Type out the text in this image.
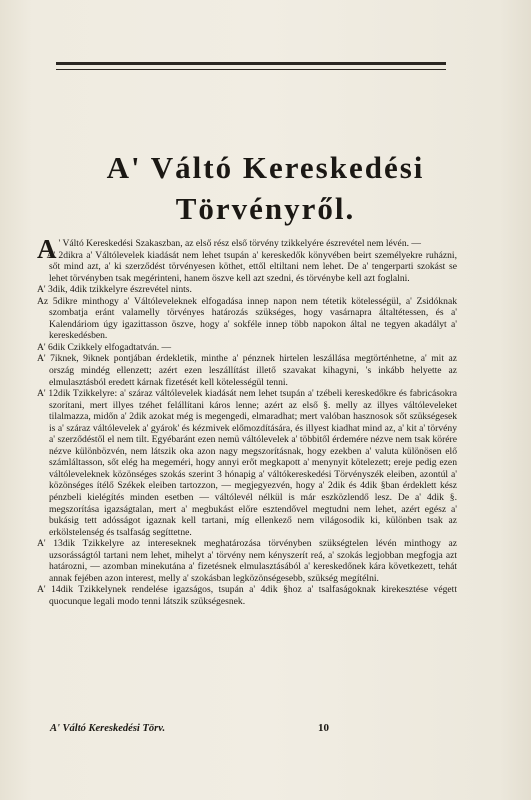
A' Váltó Kereskedési
Törvényről.

A ' Váltó Kereskedési Szakaszban, az első rész első törvény tzikkelyére észrevétel nem lévén. —

A' 2dikra a' Váltólevelek kiadását nem lehet tsupán a' kereskedők könyvében beirt személyekre ruházni, sőt mind azt, a' ki szerződést törvényesen köthet, ettől eltiltani nem lehet. De a' tengerparti szokást se lehet törvényben tsak megérinteni, hanem öszve kell azt szedni, és törvénybe kell azt foglalni.

A' 3dik, 4dik tzikkelyre észrevétel nints.

Az 5dikre minthogy a' Váltóleveleknek elfogadása innep napon nem tétetik kötelességül, a' Zsidóknak szombatja eránt valamelly törvényes határozás szükséges, hogy vasárnapra általtétessen, és a' Kalendáriom úgy igazittasson öszve, hogy a' sokféle innep több napokon által ne tegyen akadályt a' kereskedésben.

A' 6dik Czikkely elfogadtatván. —

A' 7iknek, 9iknek pontjában érdekletik, minthe a' pénznek hirtelen leszállása megtörténhetne, a' mit az ország mindég ellenzett; azért ezen leszállítást illető szavakat kihagyni, 's inkább helyette az elmulasztásból eredett kárnak fizetését kell kötelességül tenni.

A' 12dik Tzikkelyre: a' száraz váltólevelek kiadását nem lehet tsupán a' tzébeli kereskedőkre és fabricásokra szorítani, mert illyes tzéhet felállítani káros lenne; azért az első §. melly az illyes váltóleveleket tilalmazza, midőn a' 2dik azokat még is megengedi, elmaradhat; mert valóban hasznosok sőt szükségesek is a' száraz váltólevelek a' gyárok' és kézmivek előmozdítására, és illyest kiadhat mind az, a' kit a' törvény a' szerződéstől el nem tilt. Egyébaránt ezen nemü váltólevelek a' többitől érdemére nézve nem tsak körére nézve különbözvén, nem látszik oka azon nagy megszorításnak, hogy ezekben a' valuta különösen elő számláltasson, sőt elég ha megeméri, hogy annyi erőt megkapott a' menynyit kötelezett; ereje pedig ezen váltóleveleknek közönséges szokás szerint 3 hónapig a' váltókereskedési Törvényszék eleiben, azontúl a' közönséges ítélő Székek eleiben tartozzon, — megjegyezvén, hogy a' 2dik és 4dik §ban érdeklett kész pénzbeli kielégítés minden esetben — váltólevél nélkül is már eszközlendő lesz. De a' 4dik §. megszorítása igazságtalan, mert a' megbukást előre esztendővel megtudni nem lehet, azért egész a' bukásig tett adósságot igaznak kell tartani, míg ellenkező nem világosodik ki, különben tsak az erkölstelenség és tsalfaság segíttetne.

A' 13dik Tzikkelyre az intereseknek meghatározása törvényben szükségtelen lévén minthogy az uzsorásságtól tartani nem lehet, mihelyt a' törvény nem kényszerít reá, a' szokás legjobban megfogja azt határozni, — azomban minekutána a' fizetésnek elmulasztásából a' kereskedőnek kára következett, tehát annak fejében azon interest, melly a' szokásban legközönségesebb, szükség megítélni.

A' 14dik Tzikkelynek rendelése igazságos, tsupán a' 4dik §hoz a' tsalfaságoknak kirekesztése végett quocunque legali modo tenni látszik szükségesnek.

A' Váltó Kereskedési Törv.	10
